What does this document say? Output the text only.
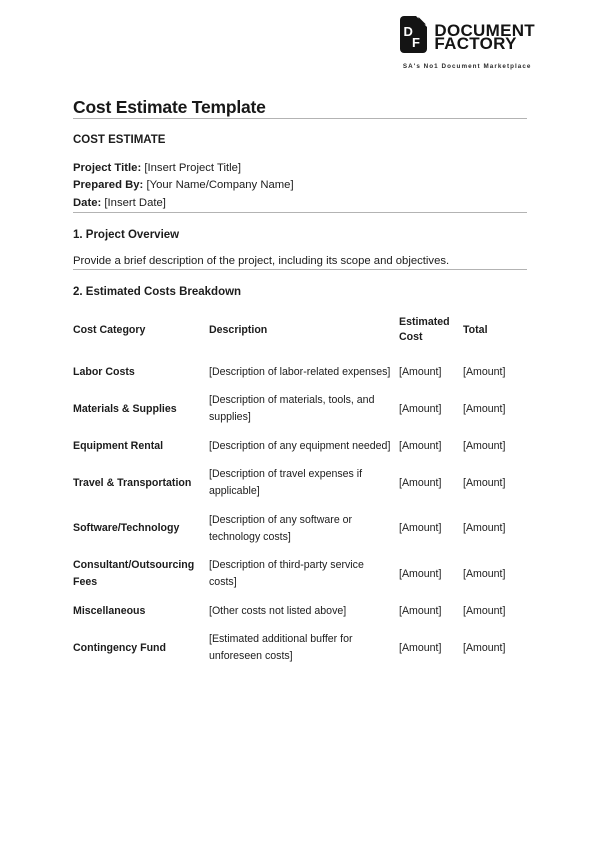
D
F
DOCUMENT
FACTORY
SA's No1 Document Marketplace
Cost Estimate Template

COST ESTIMATE

Project Title: [Insert Project Title]
Prepared By: [Your Name/Company Name]
Date: [Insert Date]

1. Project Overview

Provide a brief description of the project, including its scope and objectives.

2. Estimated Costs Breakdown

Cost Category	Description	Estimated Cost	Total
Labor Costs	[Description of labor-related expenses]	[Amount]	[Amount]
Materials & Supplies	[Description of materials, tools, and supplies]	[Amount]	[Amount]
Equipment Rental	[Description of any equipment needed]	[Amount]	[Amount]
Travel & Transportation	[Description of travel expenses if applicable]	[Amount]	[Amount]
Software/Technology	[Description of any software or technology costs]	[Amount]	[Amount]
Consultant/Outsourcing Fees	[Description of third-party service costs]	[Amount]	[Amount]
Miscellaneous	[Other costs not listed above]	[Amount]	[Amount]
Contingency Fund	[Estimated additional buffer for unforeseen costs]	[Amount]	[Amount]
